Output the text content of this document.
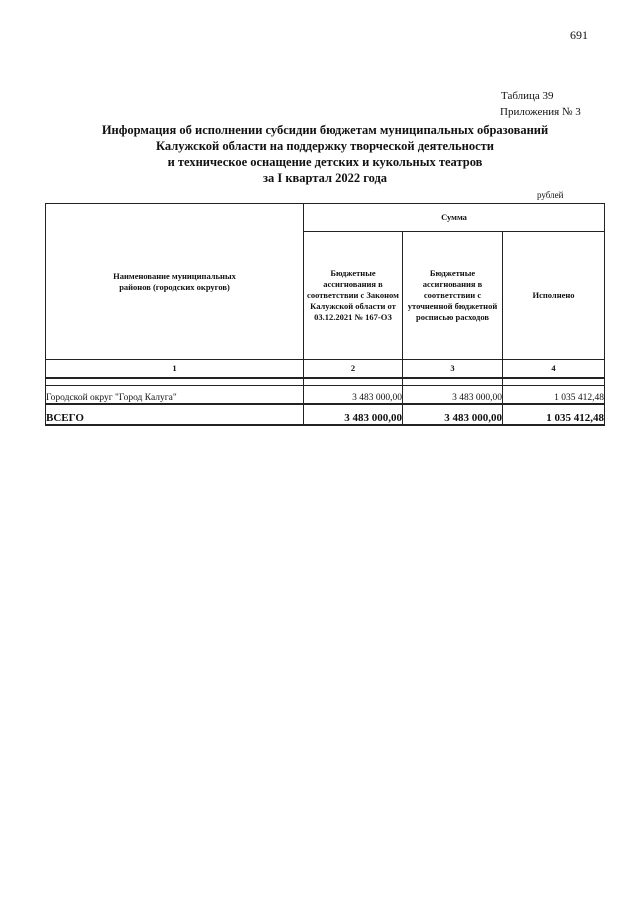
691
Таблица 39
Приложения № 3
Информация об исполнении субсидии бюджетам муниципальных образований
Калужской области на поддержку творческой деятельности
и техническое оснащение детских и кукольных театров
за I квартал 2022 года
рублей
Наименование муниципальных районов (городских округов)	Сумма		

	Бюджетные ассигнования в соответствии с Законом Калужской области от 03.12.2021 № 167-ОЗ	Бюджетные ассигнования в соответствии с уточненной бюджетной росписью расходов	Исполнено

1	2	3	4

Городской округ "Город Калуга"	3 483 000,00	3 483 000,00	1 035 412,48
ВСЕГО	3 483 000,00	3 483 000,00	1 035 412,48
